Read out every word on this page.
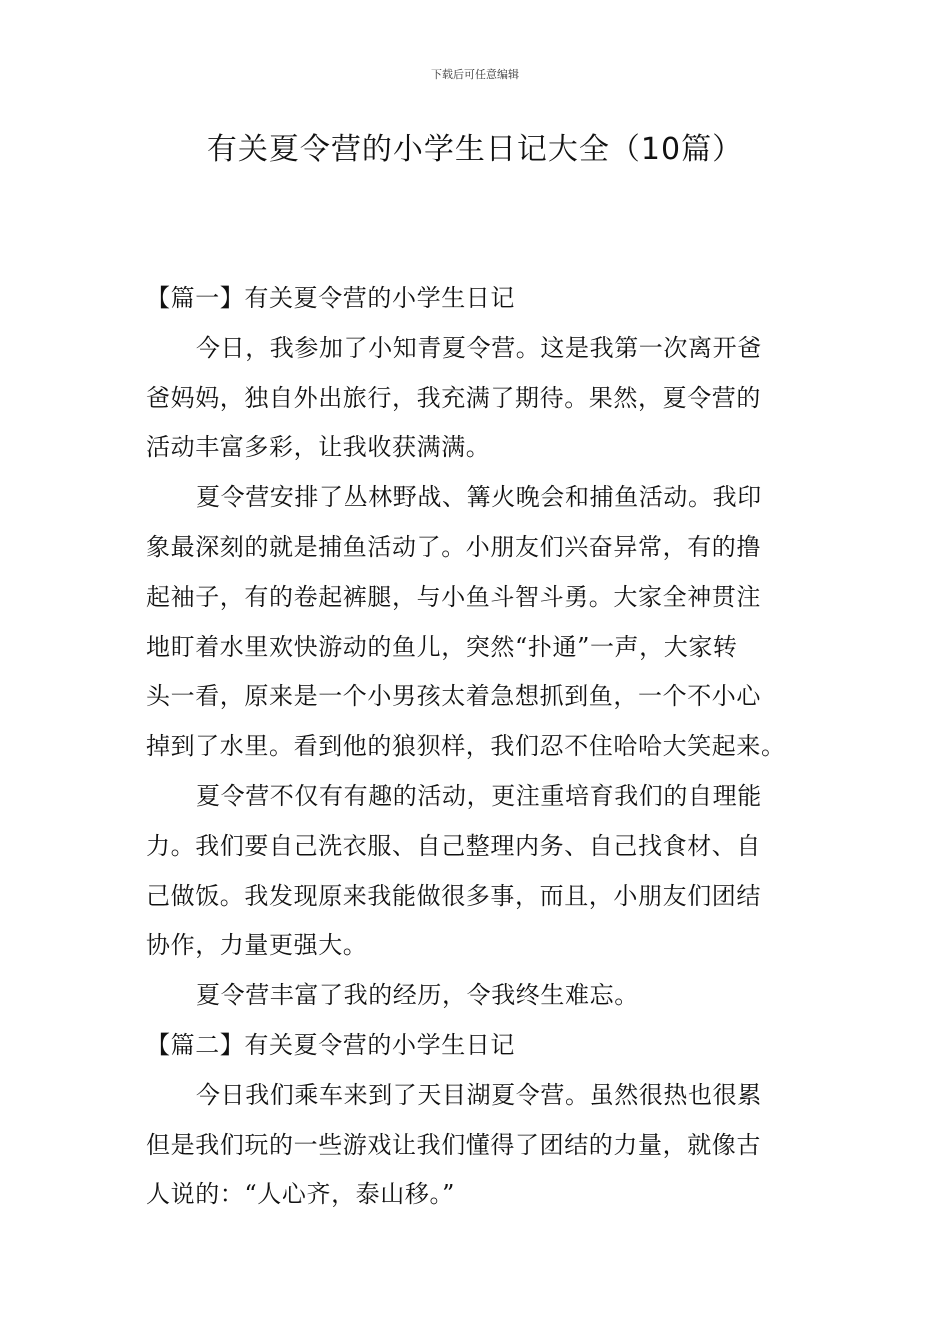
下载后可任意编辑
有关夏令营的小学生日记大全（10篇）
【篇一】有关夏令营的小学生日记
今日，我参加了小知青夏令营。这是我第一次离开爸
爸妈妈，独自外出旅行，我充满了期待。果然，夏令营的
活动丰富多彩，让我收获满满。
夏令营安排了丛林野战、篝火晚会和捕鱼活动。我印
象最深刻的就是捕鱼活动了。小朋友们兴奋异常，有的撸
起袖子，有的卷起裤腿，与小鱼斗智斗勇。大家全神贯注
地盯着水里欢快游动的鱼儿，突然“扑通”一声，大家转
头一看，原来是一个小男孩太着急想抓到鱼，一个不小心
掉到了水里。看到他的狼狈样，我们忍不住哈哈大笑起来。
夏令营不仅有有趣的活动，更注重培育我们的自理能
力。我们要自己洗衣服、自己整理内务、自己找食材、自
己做饭。我发现原来我能做很多事，而且，小朋友们团结
协作，力量更强大。
夏令营丰富了我的经历，令我终生难忘。
【篇二】有关夏令营的小学生日记
今日我们乘车来到了天目湖夏令营。虽然很热也很累
但是我们玩的一些游戏让我们懂得了团结的力量，就像古
人说的：“人心齐，泰山移。”
